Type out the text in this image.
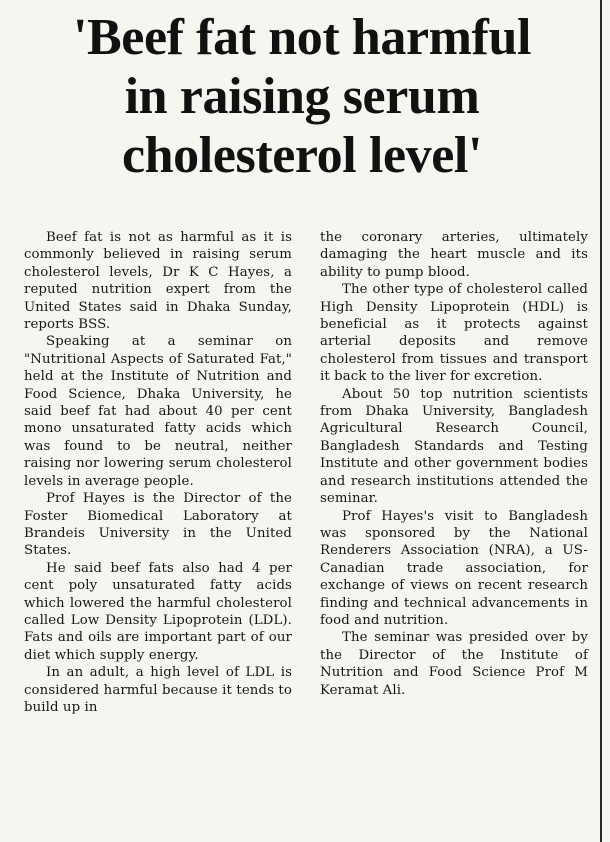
'Beef fat not harmful
in raising serum
cholesterol level'

Beef fat is not as harmful as it is commonly believed in raising serum cholesterol levels, Dr K C Hayes, a reputed nutrition expert from the United States said in Dhaka Sunday, reports BSS.

Speaking at a seminar on "Nutritional Aspects of Saturated Fat," held at the Institute of Nutrition and Food Science, Dhaka University, he said beef fat had about 40 per cent mono unsaturated fatty acids which was found to be neutral, neither raising nor lowering serum cholesterol levels in average people.

Prof Hayes is the Director of the Foster Biomedical Laboratory at Brandeis University in the United States.

He said beef fats also had 4 per cent poly unsaturated fatty acids which lowered the harmful cholesterol called Low Density Lipoprotein (LDL). Fats and oils are important part of our diet which supply energy.

In an adult, a high level of LDL is considered harmful because it tends to build up in

the coronary arteries, ultimately damaging the heart muscle and its ability to pump blood.

The other type of cholesterol called High Density Lipoprotein (HDL) is beneficial as it protects against arterial deposits and remove cholesterol from tissues and transport it back to the liver for excretion.

About 50 top nutrition scientists from Dhaka University, Bangladesh Agricultural Research Council, Bangladesh Standards and Testing Institute and other government bodies and research institutions attended the seminar.

Prof Hayes's visit to Bangladesh was sponsored by the National Renderers Association (NRA), a US-Canadian trade association, for exchange of views on recent research finding and technical advancements in food and nutrition.

The seminar was presided over by the Director of the Institute of Nutrition and Food Science Prof M Keramat Ali.
